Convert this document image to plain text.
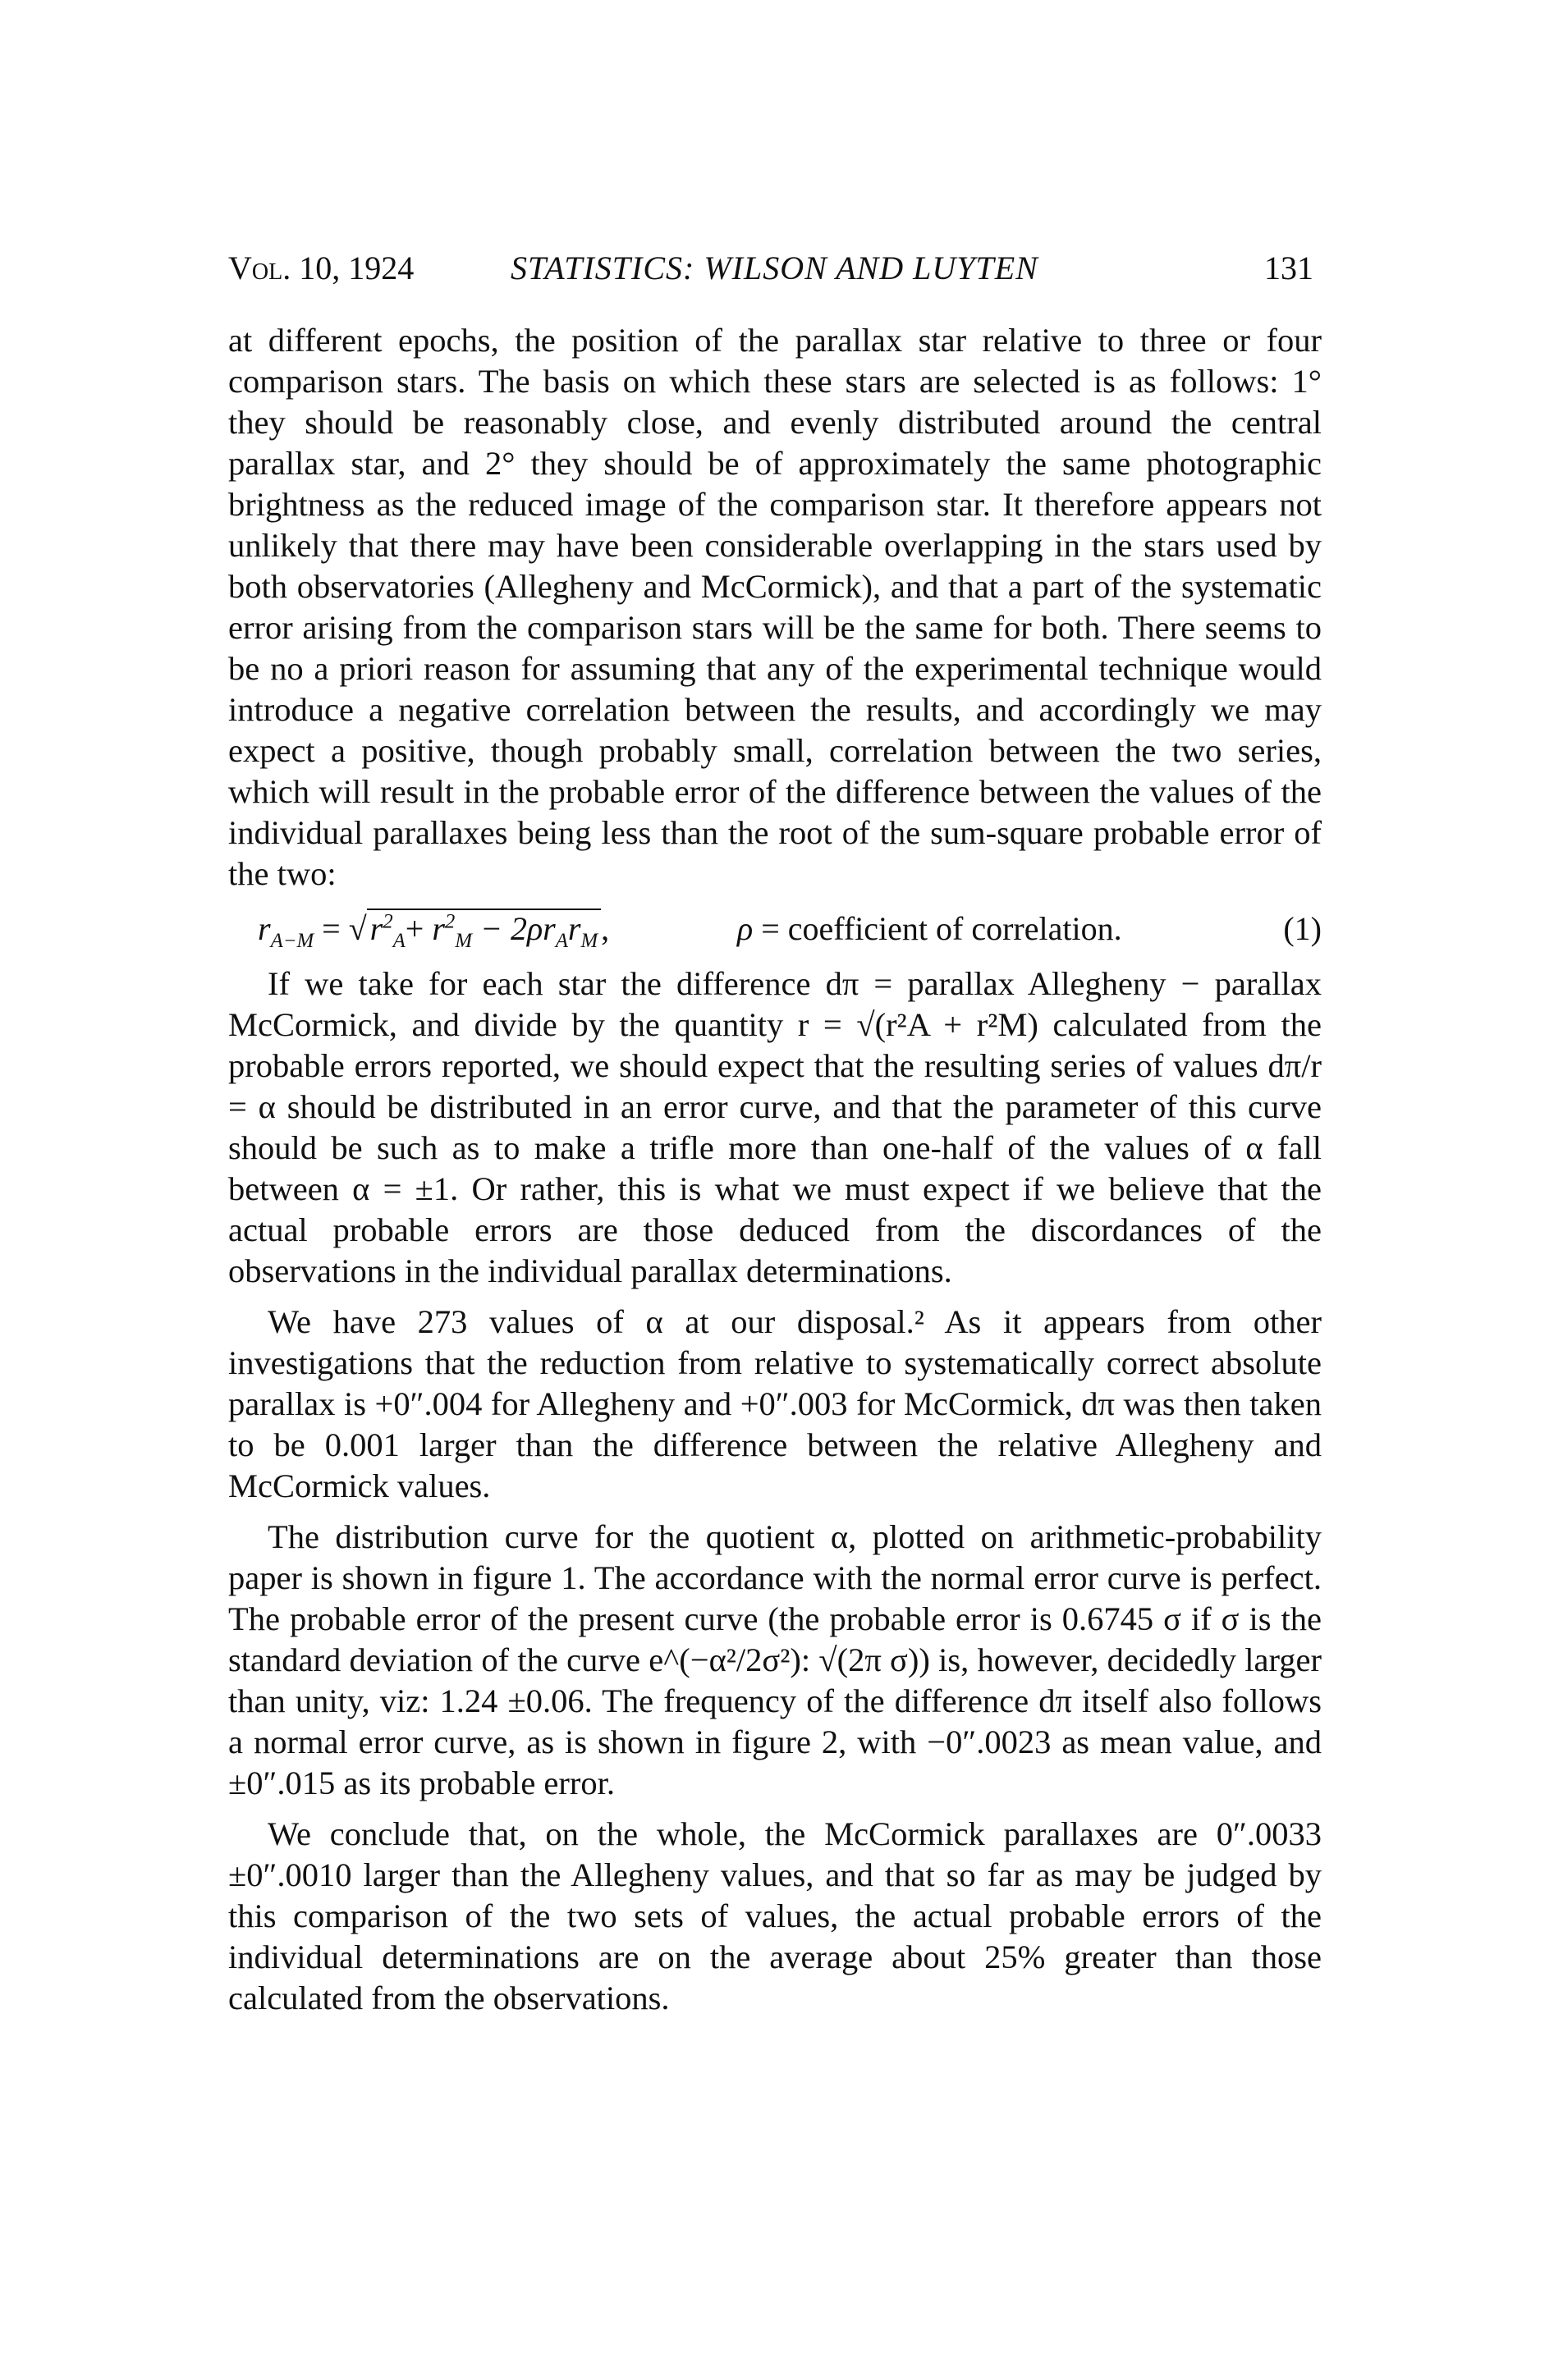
Vol. 10, 1924	STATISTICS: WILSON AND LUYTEN	131

at different epochs, the position of the parallax star relative to three or four comparison stars. The basis on which these stars are selected is as follows: 1° they should be reasonably close, and evenly distributed around the central parallax star, and 2° they should be of approximately the same photographic brightness as the reduced image of the comparison star. It therefore appears not unlikely that there may have been considerable overlapping in the stars used by both observatories (Allegheny and McCormick), and that a part of the systematic error arising from the comparison stars will be the same for both. There seems to be no a priori reason for assuming that any of the experimental technique would introduce a negative correlation between the results, and accordingly we may expect a positive, though probably small, correlation between the two series, which will result in the probable error of the difference between the values of the individual parallaxes being less than the root of the sum-square probable error of the two:

$r_{A-M}$ = √ $r^2_A+ r^2_M - 2\rho r_Ar_M$ ,	ρ = coefficient of correlation.	(1)

If we take for each star the difference dπ = parallax Allegheny − parallax McCormick, and divide by the quantity r = √(r²A + r²M) calculated from the probable errors reported, we should expect that the resulting series of values dπ/r = α should be distributed in an error curve, and that the parameter of this curve should be such as to make a trifle more than one-half of the values of α fall between α = ±1. Or rather, this is what we must expect if we believe that the actual probable errors are those deduced from the discordances of the observations in the individual parallax determinations.

We have 273 values of α at our disposal.² As it appears from other investigations that the reduction from relative to systematically correct absolute parallax is +0″.004 for Allegheny and +0″.003 for McCormick, dπ was then taken to be 0.001 larger than the difference between the relative Allegheny and McCormick values.

The distribution curve for the quotient α, plotted on arithmetic-probability paper is shown in figure 1. The accordance with the normal error curve is perfect. The probable error of the present curve (the probable error is 0.6745 σ if σ is the standard deviation of the curve e^(−α²/2σ²): √(2π σ)) is, however, decidedly larger than unity, viz: 1.24 ±0.06. The frequency of the difference dπ itself also follows a normal error curve, as is shown in figure 2, with −0″.0023 as mean value, and ±0″.015 as its probable error.

We conclude that, on the whole, the McCormick parallaxes are 0″.0033 ±0″.0010 larger than the Allegheny values, and that so far as may be judged by this comparison of the two sets of values, the actual probable errors of the individual determinations are on the average about 25% greater than those calculated from the observations.
